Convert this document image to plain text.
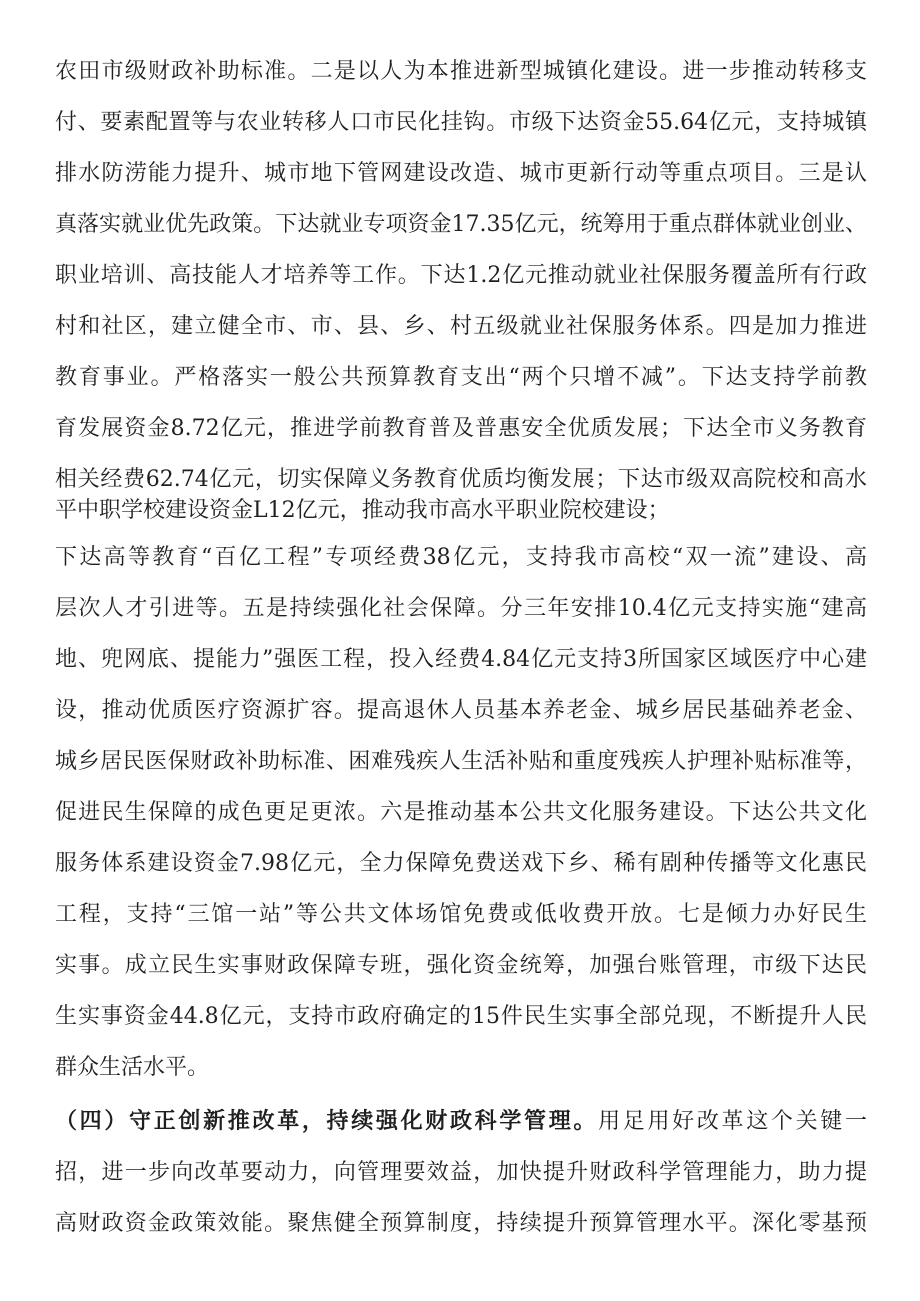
农田市级财政补助标准。二是以人为本推进新型城镇化建设。进一步推动转移支
付、要素配置等与农业转移人口市民化挂钩。市级下达资金55.64亿元，支持城镇
排水防涝能力提升、城市地下管网建设改造、城市更新行动等重点项目。三是认
真落实就业优先政策。下达就业专项资金17.35亿元，统筹用于重点群体就业创业、
职业培训、高技能人才培养等工作。下达1.2亿元推动就业社保服务覆盖所有行政
村和社区，建立健全市、市、县、乡、村五级就业社保服务体系。四是加力推进
教育事业。严格落实一般公共预算教育支出“两个只增不减”。下达支持学前教
育发展资金8.72亿元，推进学前教育普及普惠安全优质发展；下达全市义务教育
相关经费62.74亿元，切实保障义务教育优质均衡发展；下达市级双高院校和高水
平中职学校建设资金L12亿元，推动我市高水平职业院校建设；
下达高等教育“百亿工程”专项经费38亿元，支持我市高校“双一流”建设、高
层次人才引进等。五是持续强化社会保障。分三年安排10.4亿元支持实施“建高
地、兜网底、提能力”强医工程，投入经费4.84亿元支持3所国家区域医疗中心建
设，推动优质医疗资源扩容。提高退休人员基本养老金、城乡居民基础养老金、
城乡居民医保财政补助标准、困难残疾人生活补贴和重度残疾人护理补贴标准等，
促进民生保障的成色更足更浓。六是推动基本公共文化服务建设。下达公共文化
服务体系建设资金7.98亿元，全力保障免费送戏下乡、稀有剧种传播等文化惠民
工程，支持“三馆一站”等公共文体场馆免费或低收费开放。七是倾力办好民生
实事。成立民生实事财政保障专班，强化资金统筹，加强台账管理，市级下达民
生实事资金44.8亿元，支持市政府确定的15件民生实事全部兑现，不断提升人民
群众生活水平。
（四）守正创新推改革，持续强化财政科学管理。用足用好改革这个关键一
招，进一步向改革要动力，向管理要效益，加快提升财政科学管理能力，助力提
高财政资金政策效能。聚焦健全预算制度，持续提升预算管理水平。深化零基预
